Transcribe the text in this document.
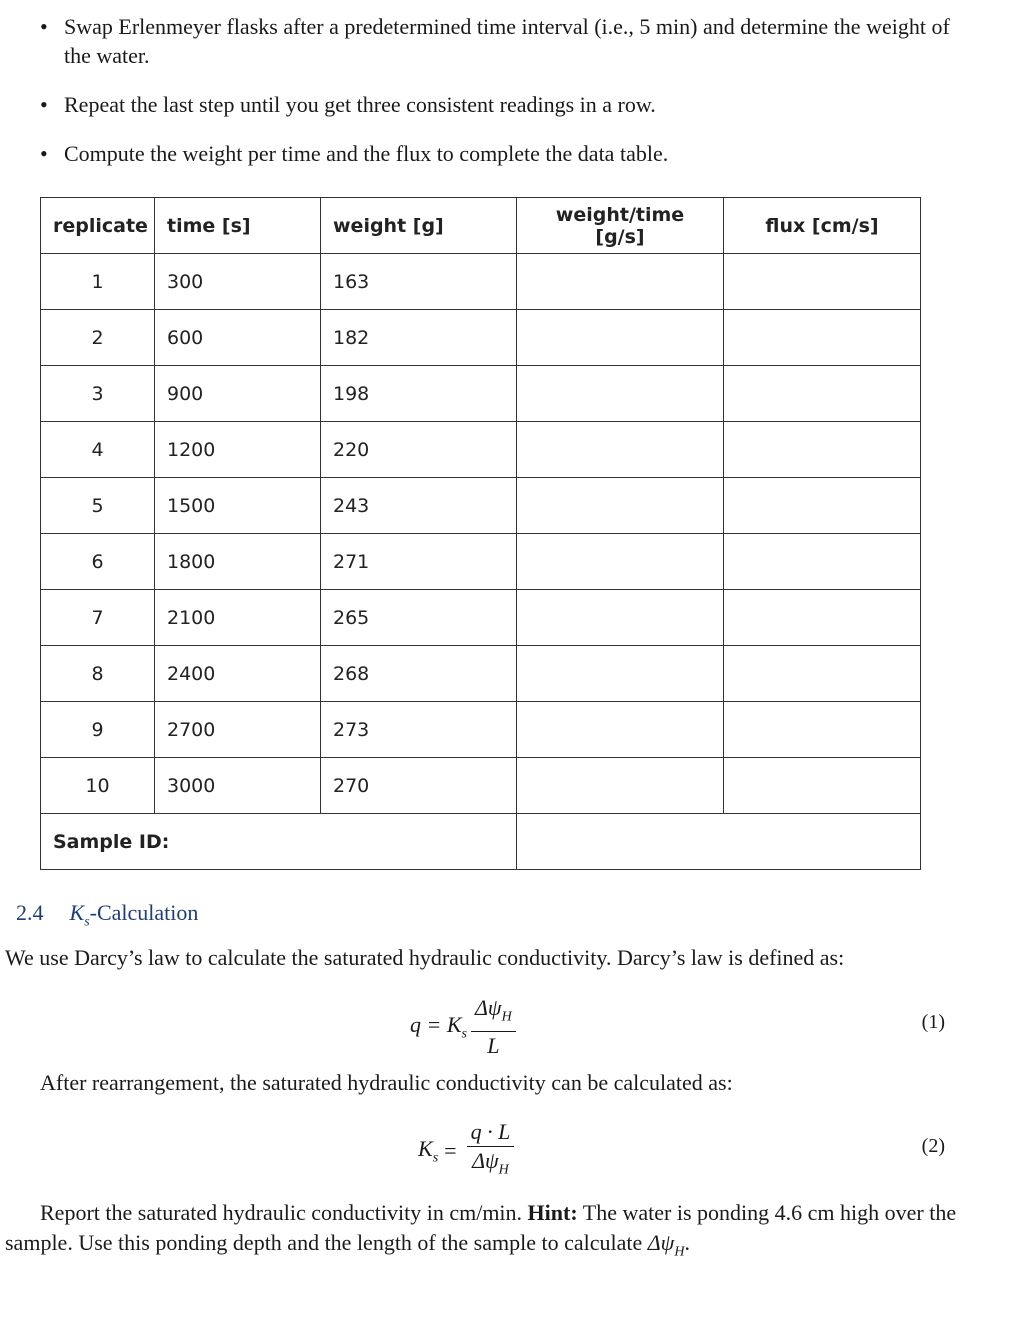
• Swap Erlenmeyer flasks after a predetermined time interval (i.e., 5 min) and determine the weight of the water.
• Repeat the last step until you get three consistent readings in a row.
• Compute the weight per time and the flux to complete the data table.
replicate	time [s]	weight [g]	weight/time [g/s]	flux [cm/s]
1	300	163		
2	600	182		
3	900	198		
4	1200	220		
5	1500	243		
6	1800	271		
7	2100	265		
8	2400	268		
9	2700	273		
10	3000	270		
Sample ID:				
2.4 $K_s$-Calculation
We use Darcy’s law to calculate the saturated hydraulic conductivity. Darcy’s law is defined as:
$q = K_s \frac{\Delta\psi_H}{L}$	(1)
After rearrangement, the saturated hydraulic conductivity can be calculated as:
$K_s = \frac{q \cdot L}{\Delta\psi_H}$	(2)
Report the saturated hydraulic conductivity in cm/min. Hint: The water is ponding 4.6 cm high over the sample. Use this ponding depth and the length of the sample to calculate $\Delta\psi_H$.
